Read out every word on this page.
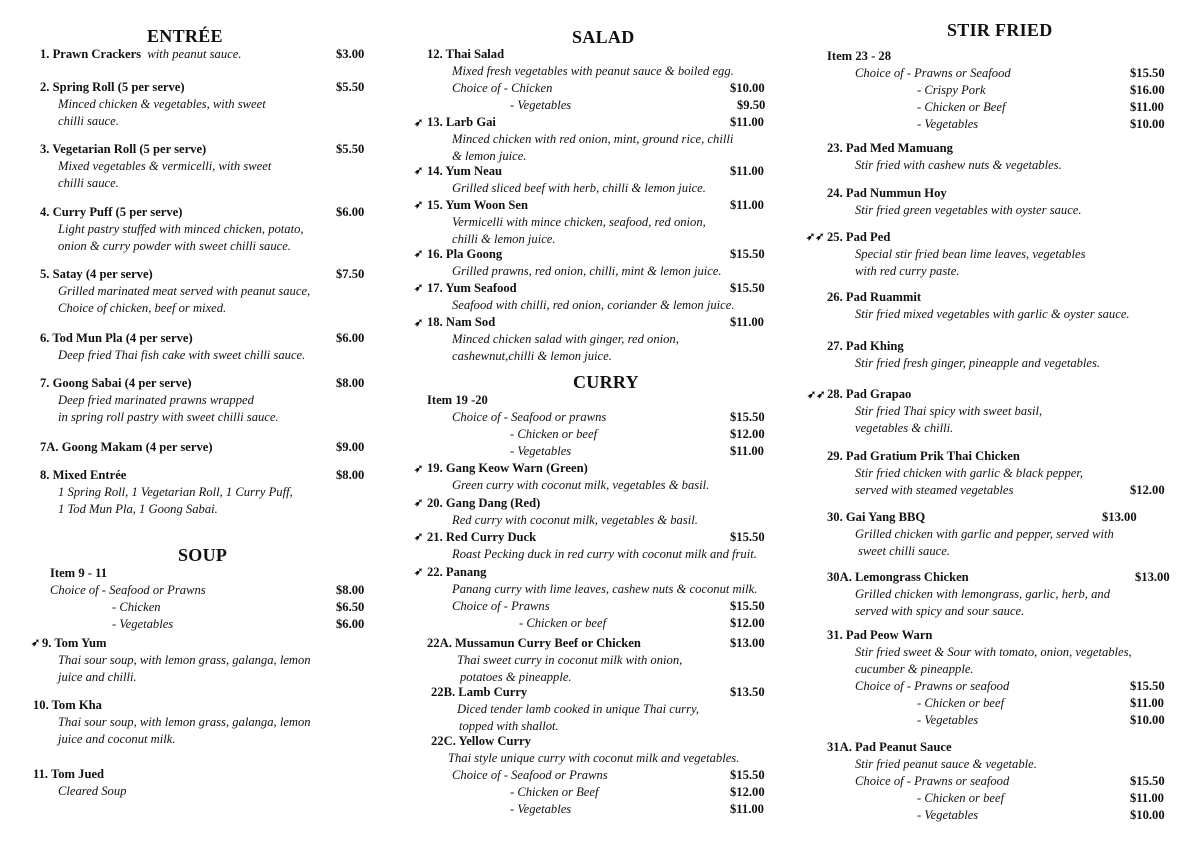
ENTRÉE
1. Prawn Crackers with peanut sauce.	$3.00
2. Spring Roll (5 per serve)	$5.50
Minced chicken & vegetables, with sweet
chilli sauce.
3. Vegetarian Roll (5 per serve)	$5.50
Mixed vegetables & vermicelli, with sweet
chilli sauce.
4. Curry Puff (5 per serve)	$6.00
Light pastry stuffed with minced chicken, potato,
onion & curry powder with sweet chilli sauce.
5. Satay (4 per serve)	$7.50
Grilled marinated meat served with peanut sauce,
Choice of chicken, beef or mixed.
6. Tod Mun Pla (4 per serve)	$6.00
Deep fried Thai fish cake with sweet chilli sauce.
7. Goong Sabai (4 per serve)	$8.00
Deep fried marinated prawns wrapped
in spring roll pastry with sweet chilli sauce.
7A. Goong Makam (4 per serve)	$9.00
8. Mixed Entrée	$8.00
1 Spring Roll, 1 Vegetarian Roll, 1 Curry Puff,
1 Tod Mun Pla, 1 Goong Sabai.
SOUP
Item 9 - 11
Choice of - Seafood or Prawns	$8.00
- Chicken	$6.50
- Vegetables	$6.00
➶ 9. Tom Yum
Thai sour soup, with lemon grass, galanga, lemon
juice and chilli.
10. Tom Kha
Thai sour soup, with lemon grass, galanga, lemon
juice and coconut milk.
11. Tom Jued
Cleared Soup
SALAD
12. Thai Salad
Mixed fresh vegetables with peanut sauce & boiled egg.
Choice of - Chicken	$10.00
- Vegetables	$9.50
➶ 13. Larb Gai	$11.00
Minced chicken with red onion, mint, ground rice, chilli
& lemon juice.
➶ 14. Yum Neau	$11.00
Grilled sliced beef with herb, chilli & lemon juice.
➶ 15. Yum Woon Sen	$11.00
Vermicelli with mince chicken, seafood, red onion,
chilli & lemon juice.
➶ 16. Pla Goong	$15.50
Grilled prawns, red onion, chilli, mint & lemon juice.
➶ 17. Yum Seafood	$15.50
Seafood with chilli, red onion, coriander & lemon juice.
➶ 18. Nam Sod	$11.00
Minced chicken salad with ginger, red onion,
cashewnut,chilli & lemon juice.
CURRY
Item 19 -20
Choice of - Seafood or prawns	$15.50
- Chicken or beef	$12.00
- Vegetables	$11.00
➶ 19. Gang Keow Warn (Green)
Green curry with coconut milk, vegetables & basil.
➶ 20. Gang Dang (Red)
Red curry with coconut milk, vegetables & basil.
➶ 21. Red Curry Duck	$15.50
Roast Pecking duck in red curry with coconut milk and fruit.
➶ 22. Panang
Panang curry with lime leaves, cashew nuts & coconut milk.
Choice of - Prawns	$15.50
- Chicken or beef	$12.00
22A. Mussamun Curry Beef or Chicken	$13.00
Thai sweet curry in coconut milk with onion,
potatoes & pineapple.
22B. Lamb Curry	$13.50
Diced tender lamb cooked in unique Thai curry,
topped with shallot.
22C. Yellow Curry
Thai style unique curry with coconut milk and vegetables.
Choice of - Seafood or Prawns	$15.50
- Chicken or Beef	$12.00
- Vegetables	$11.00
STIR FRIED
Item 23 - 28
Choice of - Prawns or Seafood	$15.50
- Crispy Pork	$16.00
- Chicken or Beef	$11.00
- Vegetables	$10.00
23. Pad Med Mamuang
Stir fried with cashew nuts & vegetables.
24. Pad Nummun Hoy
Stir fried green vegetables with oyster sauce.
➶➶ 25. Pad Ped
Special stir fried bean lime leaves, vegetables
with red curry paste.
26. Pad Ruammit
Stir fried mixed vegetables with garlic & oyster sauce.
27. Pad Khing
Stir fried fresh ginger, pineapple and vegetables.
➶➶ 28. Pad Grapao
Stir fried Thai spicy with sweet basil,
vegetables & chilli.
29. Pad Gratium Prik Thai Chicken
Stir fried chicken with garlic & black pepper,
served with steamed vegetables	$12.00
30. Gai Yang BBQ	$13.00
Grilled chicken with garlic and pepper, served with
sweet chilli sauce.
30A. Lemongrass Chicken	$13.00
Grilled chicken with lemongrass, garlic, herb, and
served with spicy and sour sauce.
31. Pad Peow Warn
Stir fried sweet & Sour with tomato, onion, vegetables,
cucumber & pineapple.
Choice of - Prawns or seafood	$15.50
- Chicken or beef	$11.00
- Vegetables	$10.00
31A. Pad Peanut Sauce
Stir fried peanut sauce & vegetable.
Choice of - Prawns or seafood	$15.50
- Chicken or beef	$11.00
- Vegetables	$10.00
